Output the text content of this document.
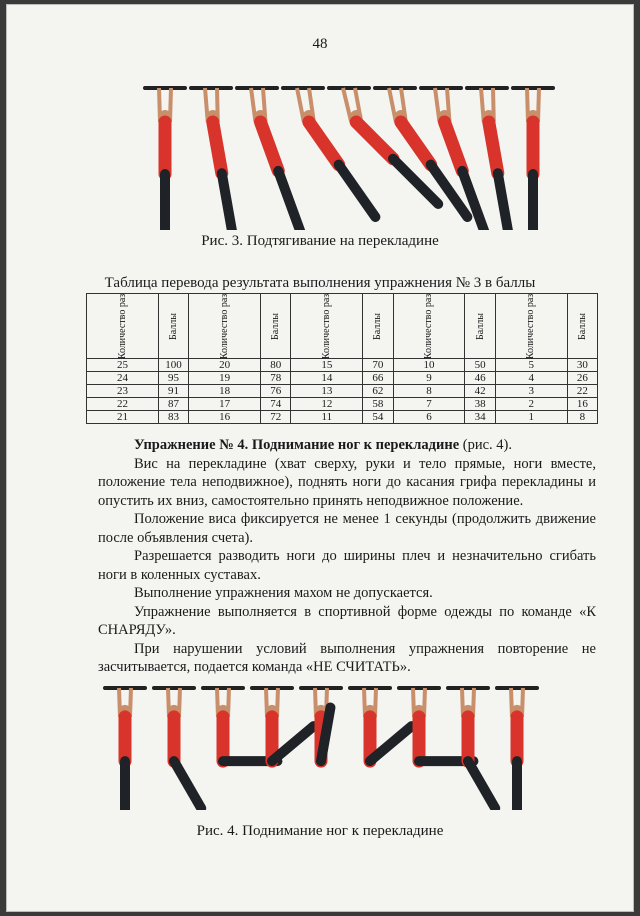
48
Рис. 3. Подтягивание на перекладине
Таблица перевода результата выполнения упражнения № 3 в баллы
Количество раз	Баллы	Количество раз	Баллы	Количество раз	Баллы	Количество раз	Баллы	Количество раз	Баллы
25	100	20	80	15	70	10	50	5	30
24	95	19	78	14	66	9	46	4	26
23	91	18	76	13	62	8	42	3	22
22	87	17	74	12	58	7	38	2	16
21	83	16	72	11	54	6	34	1	8

Упражнение № 4. Поднимание ног к перекладине (рис. 4).

Вис на перекладине (хват сверху, руки и тело прямые, ноги вместе, положение тела неподвижное), поднять ноги до касания грифа перекладины и опустить их вниз, самостоятельно принять неподвижное положение.

Положение виса фиксируется не менее 1 секунды (продолжить движение после объявления счета).

Разрешается разводить ноги до ширины плеч и незначительно сгибать ноги в коленных суставах.

Выполнение упражнения махом не допускается.

Упражнение выполняется в спортивной форме одежды по команде «К СНАРЯДУ».

При нарушении условий выполнения упражнения повторение не засчитывается, подается команда «НЕ СЧИТАТЬ».

Рис. 4. Поднимание ног к перекладине
